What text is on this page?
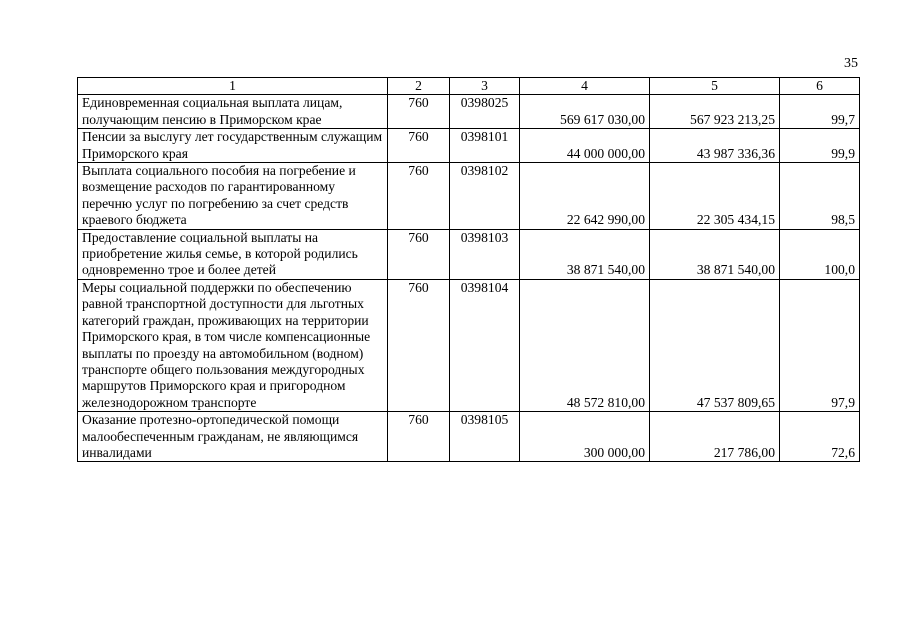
35
1	2	3	4	5	6
Единовременная социальная выплата лицам, получающим пенсию в Приморском крае	760	0398025	569 617 030,00	567 923 213,25	99,7
Пенсии за выслугу лет государственным служащим Приморского края	760	0398101	44 000 000,00	43 987 336,36	99,9
Выплата социального пособия на погребение и возмещение расходов по гарантированному перечню услуг по погребению за счет средств краевого бюджета	760	0398102	22 642 990,00	22 305 434,15	98,5
Предоставление социальной выплаты на приобретение жилья семье, в которой родились одновременно трое и более детей	760	0398103	38 871 540,00	38 871 540,00	100,0
Меры социальной поддержки по обеспечению равной транспортной доступности для льготных категорий граждан, проживающих на территории Приморского края, в том числе компенсационные выплаты по проезду на автомобильном (водном) транспорте общего пользования междугородных маршрутов Приморского края и пригородном железнодорожном транспорте	760	0398104	48 572 810,00	47 537 809,65	97,9
Оказание протезно-ортопедической помощи малообеспеченным гражданам, не являющимся инвалидами	760	0398105	300 000,00	217 786,00	72,6
